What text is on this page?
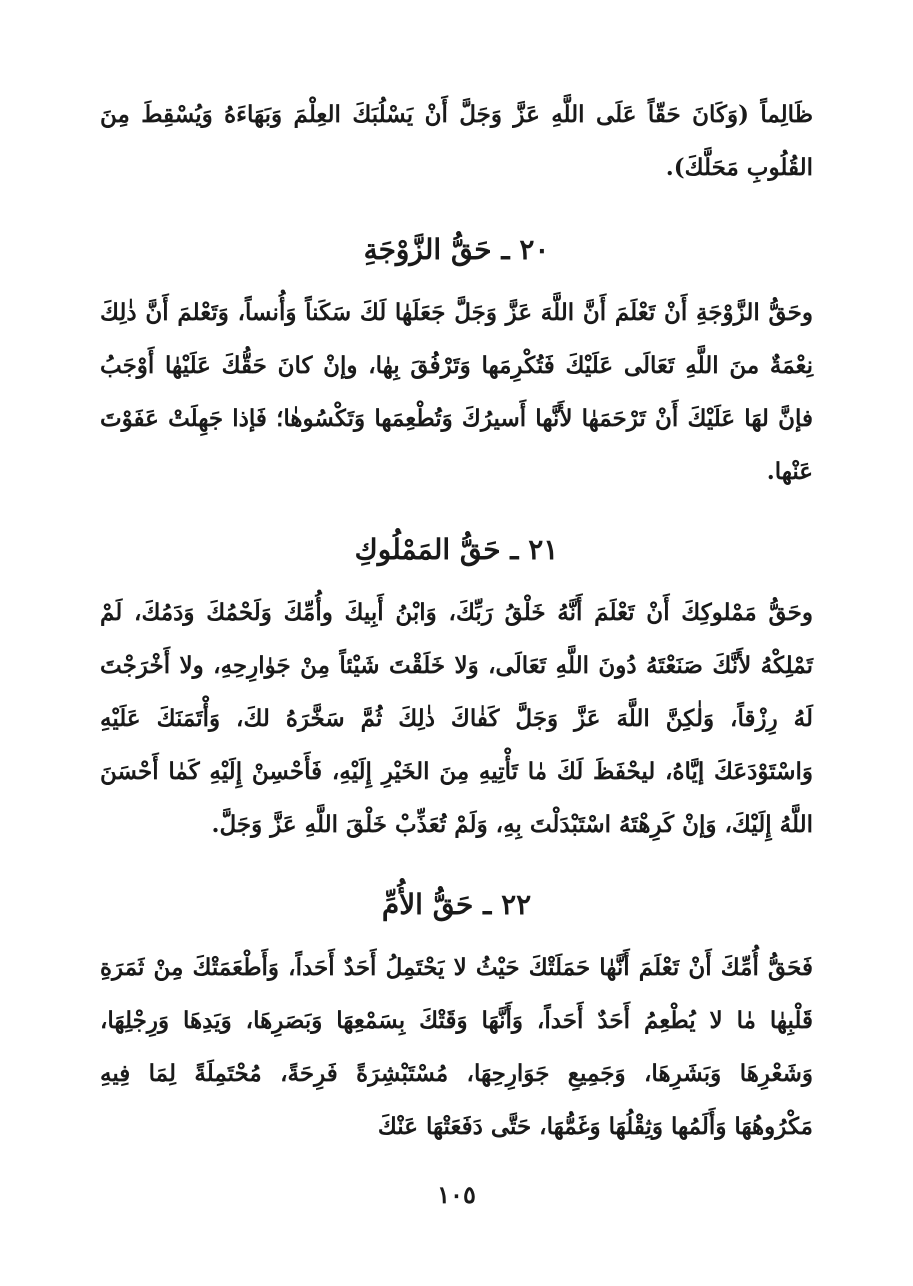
ظَالِماً (وَكَانَ حَقّاً عَلَى اللَّهِ عَزَّ وَجَلَّ أَنْ يَسْلُبَكَ العِلْمَ وَبَهَاءَهُ وَيُسْقِطَ مِنَ القُلُوبِ مَحَلَّكَ).

٢٠ ـ حَقُّ الزَّوْجَةِ

وحَقُّ الزَّوْجَةِ أَنْ تَعْلَمَ أَنَّ اللَّهَ عَزَّ وَجَلَّ جَعَلَهٰا لَكَ سَكَناً وَأُنساً، وَتَعْلمَ أَنَّ ذٰلِكَ نِعْمَةٌ منَ اللَّهِ تَعَالَى عَلَيْكَ فَتُكْرِمَها وَتَرْفُقَ بِهٰا، وإنْ كانَ حَقُّكَ عَلَيْهٰا أَوْجَبُ فإنَّ لهَا عَلَيْكَ أَنْ تَرْحَمَهٰا لأَنَّها أَسيرُكَ وَتُطْعِمَها وَتَكْسُوهٰا؛ فَإذا جَهِلَتْ عَفَوْتَ عَنْها.

٢١ ـ حَقُّ المَمْلُوكِ

وحَقُّ مَمْلوكِكَ أَنْ تَعْلَمَ أَنَّهُ خَلْقُ رَبِّكَ، وَابْنُ أَبِيكَ وأُمِّكَ وَلَحْمُكَ وَدَمُكَ، لَمْ تَمْلِكْهُ لأَنَّكَ صَنَعْتَهُ دُونَ اللَّهِ تَعَالَى، وَلا خَلَقْتَ شَيْئاً مِنْ جَوٰارِحِهِ، ولا أَخْرَجْتَ لَهُ رِزْقاً، وَلٰكِنَّ اللَّهَ عَزَّ وَجَلَّ كَفٰاكَ ذٰلِكَ ثُمَّ سَخَّرَهُ لكَ، وَأْتَمَنَكَ عَلَيْهِ وَاسْتَوْدَعَكَ إيَّاهُ، ليحْفَظَ لَكَ مٰا تَأْتِيهِ مِنَ الخَيْرِ إِلَيْهِ، فَأَحْسِنْ إِلَيْهِ كَمٰا أَحْسَنَ اللَّهُ إِلَيْكَ، وَإنْ كَرِهْتَهُ اسْتَبْدَلْتَ بِهِ، وَلَمْ تُعَذِّبْ خَلْقَ اللَّهِ عَزَّ وَجَلَّ.

٢٢ ـ حَقُّ الأُمِّ

فَحَقُّ أُمِّكَ أَنْ تَعْلَمَ أَنَّهٰا حَمَلَتْكَ حَيْثُ لا يَحْتَمِلُ أَحَدٌ أَحَداً، وَأَطْعَمَتْكَ مِنْ ثَمَرَةِ قَلْبِهٰا مٰا لا يُطْعِمُ أَحَدٌ أَحَداً، وَأَنَّهَا وَقَتْكَ بِسَمْعِهَا وَبَصَرِهَا، وَيَدِهَا وَرِجْلِهَا، وَشَعْرِهَا وَبَشَرِهَا، وَجَمِيعِ جَوَارِحِهَا، مُسْتَبْشِرَةً فَرِحَةً، مُحْتَمِلَةً لِمَا فِيهِ مَكْرُوهُهَا وَأَلَمُها وَثِقْلُهَا وَغَمُّهَا، حَتَّى دَفَعَتْهَا عَنْكَ

١٠٥
